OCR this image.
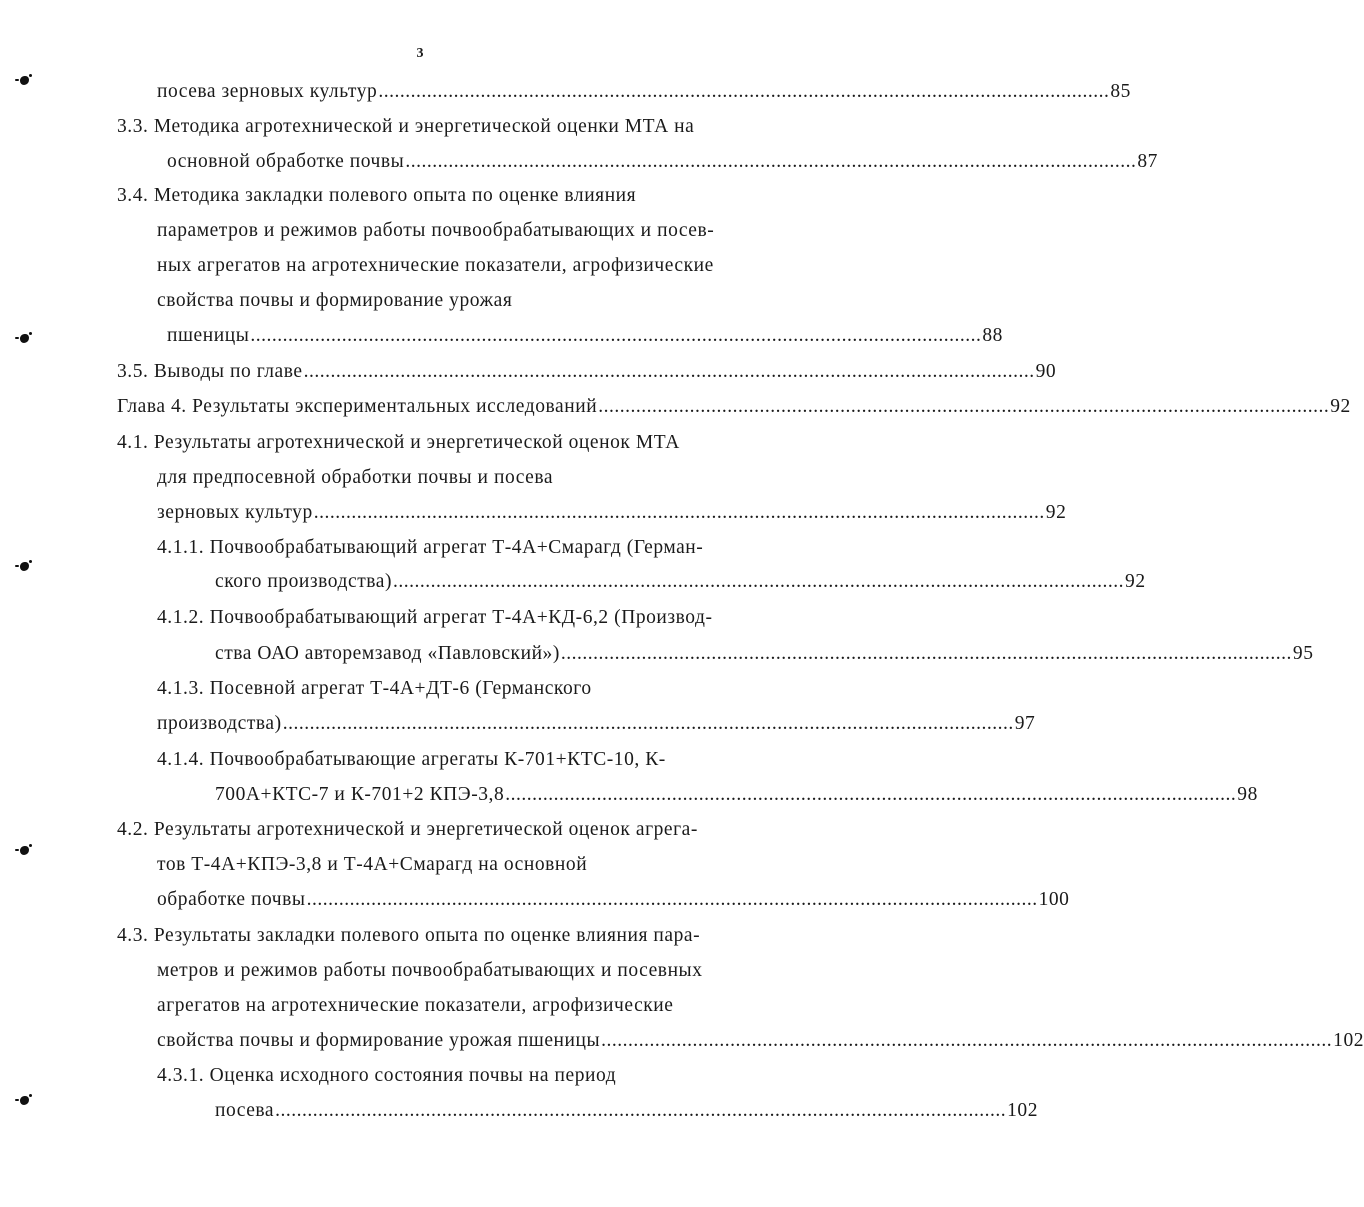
3
посева зерновых культур ........................................................................................................................................ 85
3.3. Методика агротехнической и энергетической оценки МТА на
основной обработке почвы ........................................................................................................................................ 87
3.4. Методика закладки полевого опыта по оценке влияния
параметров и режимов работы почвообрабатывающих и посев-
ных агрегатов на агротехнические показатели, агрофизические
свойства почвы и формирование урожая
пшеницы ........................................................................................................................................ 88
3.5. Выводы по главе ........................................................................................................................................ 90
Глава 4. Результаты экспериментальных исследований ........................................................................................................................................ 92
4.1. Результаты агротехнической и энергетической оценок МТА
для предпосевной обработки почвы и посева
зерновых культур ........................................................................................................................................ 92
4.1.1. Почвообрабатывающий агрегат Т-4А+Смарагд (Герман-
ского производства) ........................................................................................................................................ 92
4.1.2. Почвообрабатывающий агрегат Т-4А+КД-6,2 (Производ-
ства ОАО авторемзавод «Павловский») ........................................................................................................................................ 95
4.1.3. Посевной агрегат Т-4А+ДТ-6 (Германского
производства) ........................................................................................................................................ 97
4.1.4. Почвообрабатывающие агрегаты К-701+КТС-10, К-
700А+КТС-7 и К-701+2 КПЭ-3,8 ........................................................................................................................................ 98
4.2. Результаты агротехнической и энергетической оценок агрега-
тов Т-4А+КПЭ-3,8 и Т-4А+Смарагд на основной
обработке почвы ........................................................................................................................................ 100
4.3. Результаты закладки полевого опыта по оценке влияния пара-
метров и режимов работы почвообрабатывающих и посевных
агрегатов на агротехнические показатели, агрофизические
свойства почвы и формирование урожая пшеницы ........................................................................................................................................ 102
4.3.1. Оценка исходного состояния почвы на период
посева ........................................................................................................................................ 102
